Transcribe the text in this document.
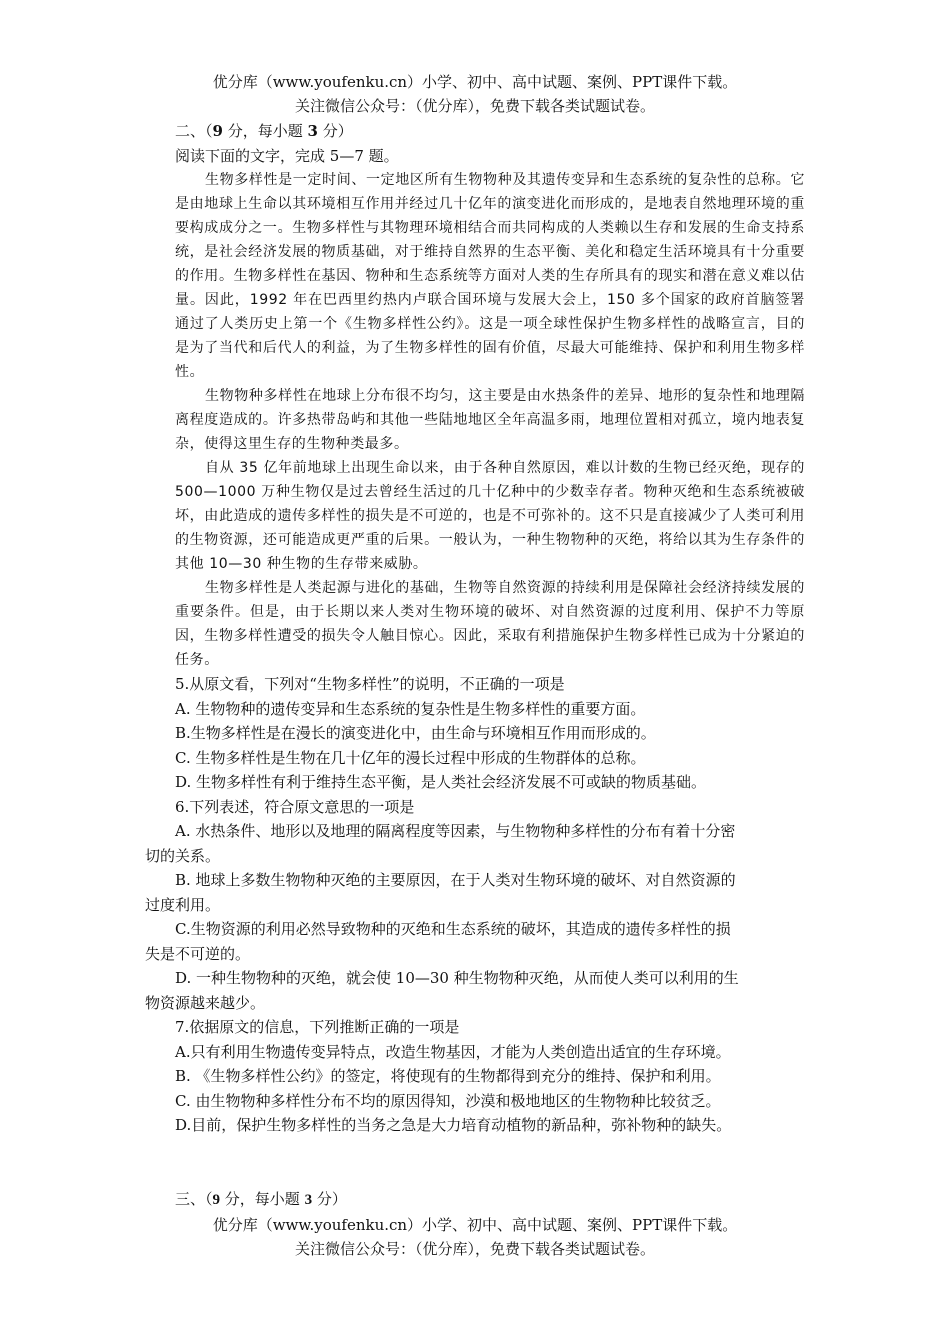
优分库（www.youfenku.cn）小学、初中、高中试题、案例、PPT课件下载。

关注微信公众号：（优分库），免费下载各类试题试卷。

二、（9 分，每小题 3 分）

阅读下面的文字，完成 5—7 题。

生物多样性是一定时间、一定地区所有生物物种及其遗传变异和生态系统的复杂性的总称。它是由地球上生命以其环境相互作用并经过几十亿年的演变进化而形成的，是地表自然地理环境的重要构成成分之一。生物多样性与其物理环境相结合而共同构成的人类赖以生存和发展的生命支持系统，是社会经济发展的物质基础，对于维持自然界的生态平衡、美化和稳定生活环境具有十分重要的作用。生物多样性在基因、物种和生态系统等方面对人类的生存所具有的现实和潜在意义难以估量。因此，1992 年在巴西里约热内卢联合国环境与发展大会上，150 多个国家的政府首脑签署通过了人类历史上第一个《生物多样性公约》。这是一项全球性保护生物多样性的战略宣言，目的是为了当代和后代人的利益，为了生物多样性的固有价值，尽最大可能维持、保护和利用生物多样性。

生物物种多样性在地球上分布很不均匀，这主要是由水热条件的差异、地形的复杂性和地理隔离程度造成的。许多热带岛屿和其他一些陆地地区全年高温多雨，地理位置相对孤立，境内地表复杂，使得这里生存的生物种类最多。

自从 35 亿年前地球上出现生命以来，由于各种自然原因，难以计数的生物已经灭绝，现存的 500—1000 万种生物仅是过去曾经生活过的几十亿种中的少数幸存者。物种灭绝和生态系统被破坏，由此造成的遗传多样性的损失是不可逆的，也是不可弥补的。这不只是直接减少了人类可利用的生物资源，还可能造成更严重的后果。一般认为，一种生物物种的灭绝，将给以其为生存条件的其他 10—30 种生物的生存带来威胁。

生物多样性是人类起源与进化的基础，生物等自然资源的持续利用是保障社会经济持续发展的重要条件。但是，由于长期以来人类对生物环境的破坏、对自然资源的过度利用、保护不力等原因，生物多样性遭受的损失令人触目惊心。因此，采取有利措施保护生物多样性已成为十分紧迫的任务。

5.从原文看，下列对“生物多样性”的说明，不正确的一项是

A. 生物物种的遗传变异和生态系统的复杂性是生物多样性的重要方面。

B.生物多样性是在漫长的演变进化中，由生命与环境相互作用而形成的。

C. 生物多样性是生物在几十亿年的漫长过程中形成的生物群体的总称。

D. 生物多样性有利于维持生态平衡，是人类社会经济发展不可或缺的物质基础。

6.下列表述，符合原文意思的一项是

A. 水热条件、地形以及地理的隔离程度等因素，与生物物种多样性的分布有着十分密

切的关系。

B. 地球上多数生物物种灭绝的主要原因，在于人类对生物环境的破坏、对自然资源的

过度利用。

C.生物资源的利用必然导致物种的灭绝和生态系统的破坏，其造成的遗传多样性的损

失是不可逆的。

D. 一种生物物种的灭绝，就会使 10—30 种生物物种灭绝，从而使人类可以利用的生

物资源越来越少。

7.依据原文的信息，下列推断正确的一项是

A.只有利用生物遗传变异特点，改造生物基因，才能为人类创造出适宜的生存环境。

B. 《生物多样性公约》的签定，将使现有的生物都得到充分的维持、保护和利用。

C. 由生物物种多样性分布不均的原因得知，沙漠和极地地区的生物物种比较贫乏。

D.目前，保护生物多样性的当务之急是大力培育动植物的新品种，弥补物种的缺失。

三、（9 分，每小题 3 分）

优分库（www.youfenku.cn）小学、初中、高中试题、案例、PPT课件下载。

关注微信公众号：（优分库），免费下载各类试题试卷。
